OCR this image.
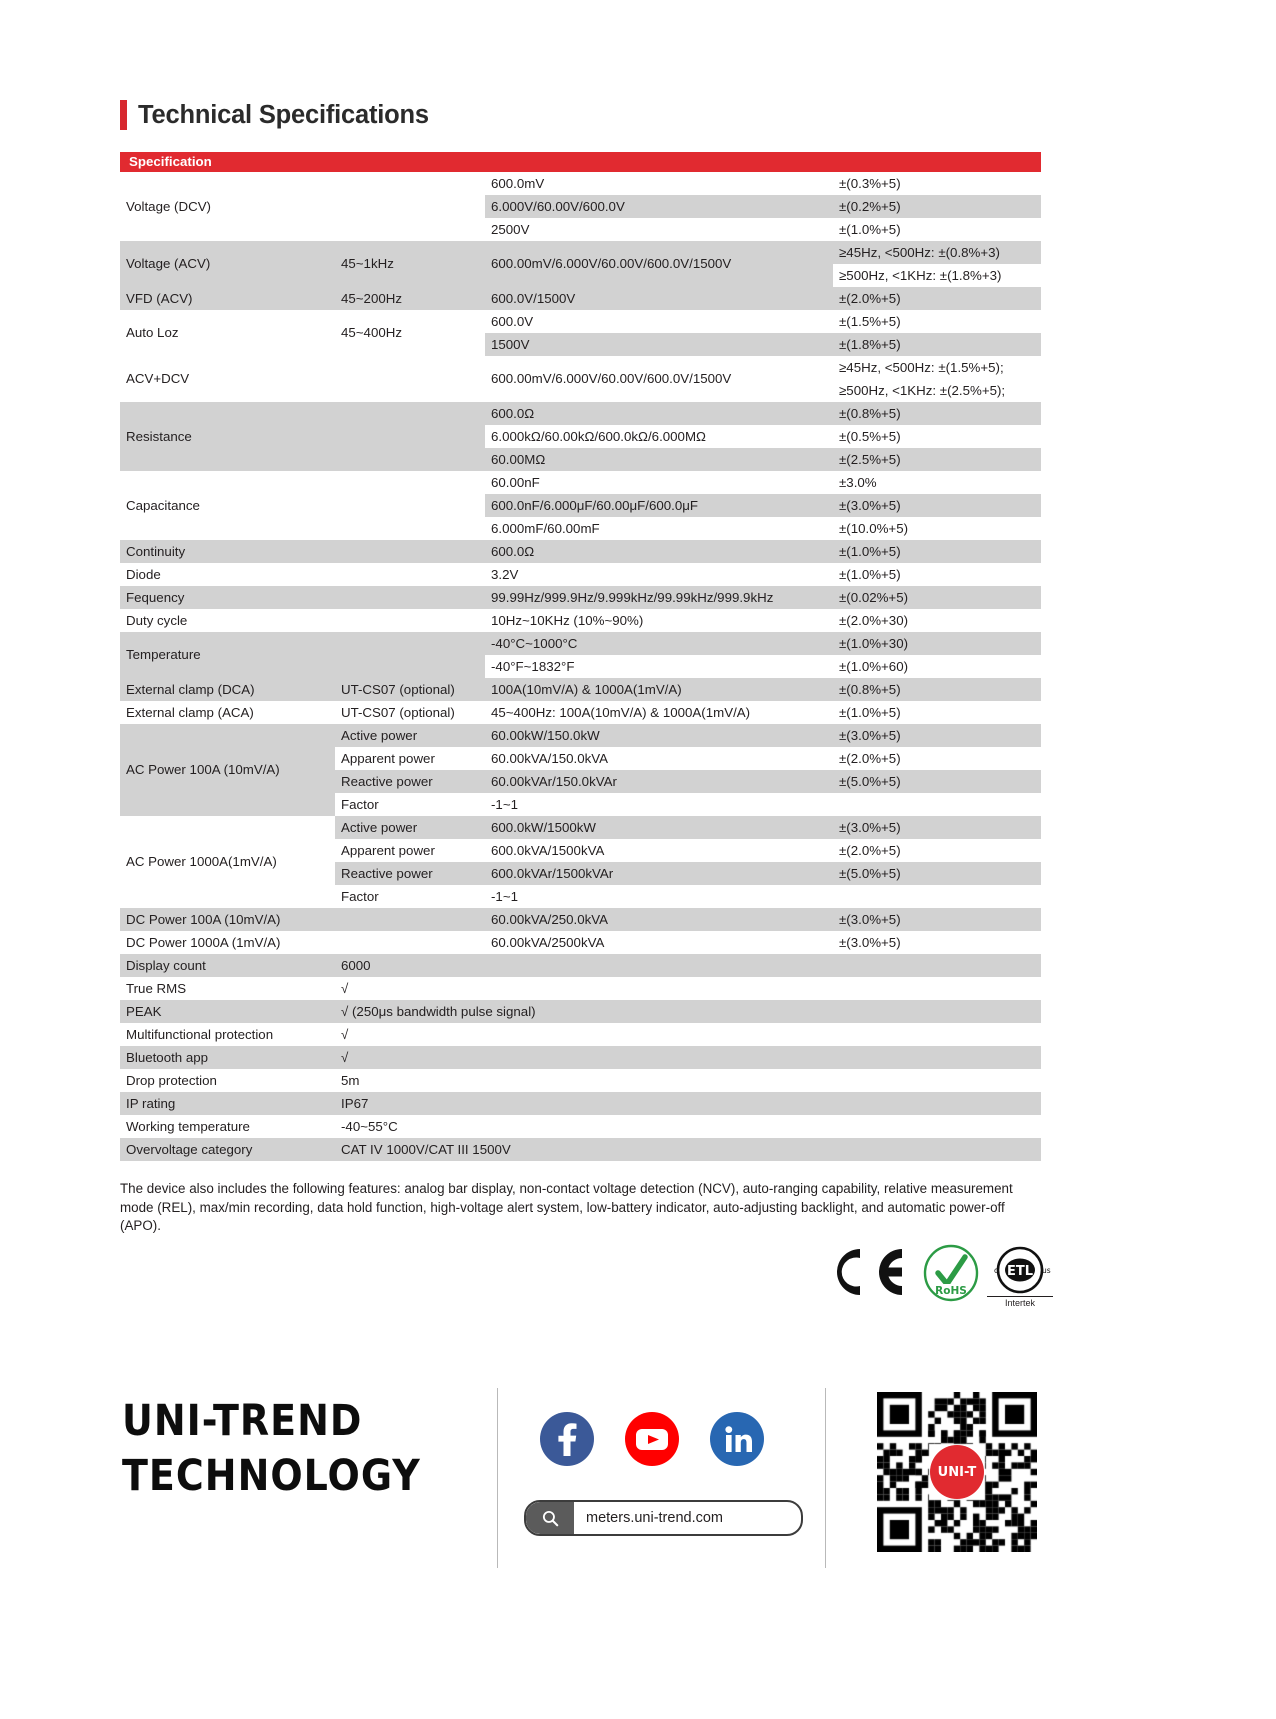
Technical Specifications
Specification			
Voltage (DCV)		600.0mV	±(0.3%+5)
		6.000V/60.00V/600.0V	±(0.2%+5)
		2500V	±(1.0%+5)
Voltage (ACV)	45~1kHz	600.00mV/6.000V/60.00V/600.0V/1500V	≥45Hz, <500Hz: ±(0.8%+3)
			≥500Hz, <1KHz: ±(1.8%+3)
VFD (ACV)	45~200Hz	600.0V/1500V	±(2.0%+5)
Auto Loz	45~400Hz	600.0V	±(1.5%+5)
		1500V	±(1.8%+5)
ACV+DCV		600.00mV/6.000V/60.00V/600.0V/1500V	≥45Hz, <500Hz: ±(1.5%+5);
			≥500Hz, <1KHz: ±(2.5%+5);
Resistance		600.0Ω	±(0.8%+5)
		6.000kΩ/60.00kΩ/600.0kΩ/6.000MΩ	±(0.5%+5)
		60.00MΩ	±(2.5%+5)
Capacitance		60.00nF	±3.0%
		600.0nF/6.000μF/60.00μF/600.0μF	±(3.0%+5)
		6.000mF/60.00mF	±(10.0%+5)
Continuity		600.0Ω	±(1.0%+5)
Diode		3.2V	±(1.0%+5)
Fequency		99.99Hz/999.9Hz/9.999kHz/99.99kHz/999.9kHz	±(0.02%+5)
Duty cycle		10Hz~10KHz (10%~90%)	±(2.0%+30)
Temperature		-40°C~1000°C	±(1.0%+30)
		-40°F~1832°F	±(1.0%+60)
External clamp (DCA)	UT-CS07 (optional)	100A(10mV/A) & 1000A(1mV/A)	±(0.8%+5)
External clamp (ACA)	UT-CS07 (optional)	45~400Hz: 100A(10mV/A) & 1000A(1mV/A)	±(1.0%+5)
AC Power 100A (10mV/A)	Active power	60.00kW/150.0kW	±(3.0%+5)
	Apparent power	60.00kVA/150.0kVA	±(2.0%+5)
	Reactive power	60.00kVAr/150.0kVAr	±(5.0%+5)
	Factor	-1~1	
AC Power 1000A(1mV/A)	Active power	600.0kW/1500kW	±(3.0%+5)
	Apparent power	600.0kVA/1500kVA	±(2.0%+5)
	Reactive power	600.0kVAr/1500kVAr	±(5.0%+5)
	Factor	-1~1	
DC Power 100A (10mV/A)		60.00kVA/250.0kVA	±(3.0%+5)
DC Power 1000A (1mV/A)		60.00kVA/2500kVA	±(3.0%+5)
Display count	6000		
True RMS	√		
PEAK	√ (250μs bandwidth pulse signal)		
Multifunctional protection	√		
Bluetooth app	√		
Drop protection	5m		
IP rating	IP67		
Working temperature	-40~55°C		
Overvoltage category	CAT IV 1000V/CAT III 1500V		
The device also includes the following features: analog bar display, non-contact voltage detection (NCV), auto-ranging capability, relative measurement mode (REL), max/min recording, data hold function, high-voltage alert system, low-battery indicator, auto-adjusting backlight, and automatic power-off (APO).
RoHS
ETL
c	us
Intertek
UNI-TREND
TECHNOLOGY
meters.uni-trend.com
UNI-T
